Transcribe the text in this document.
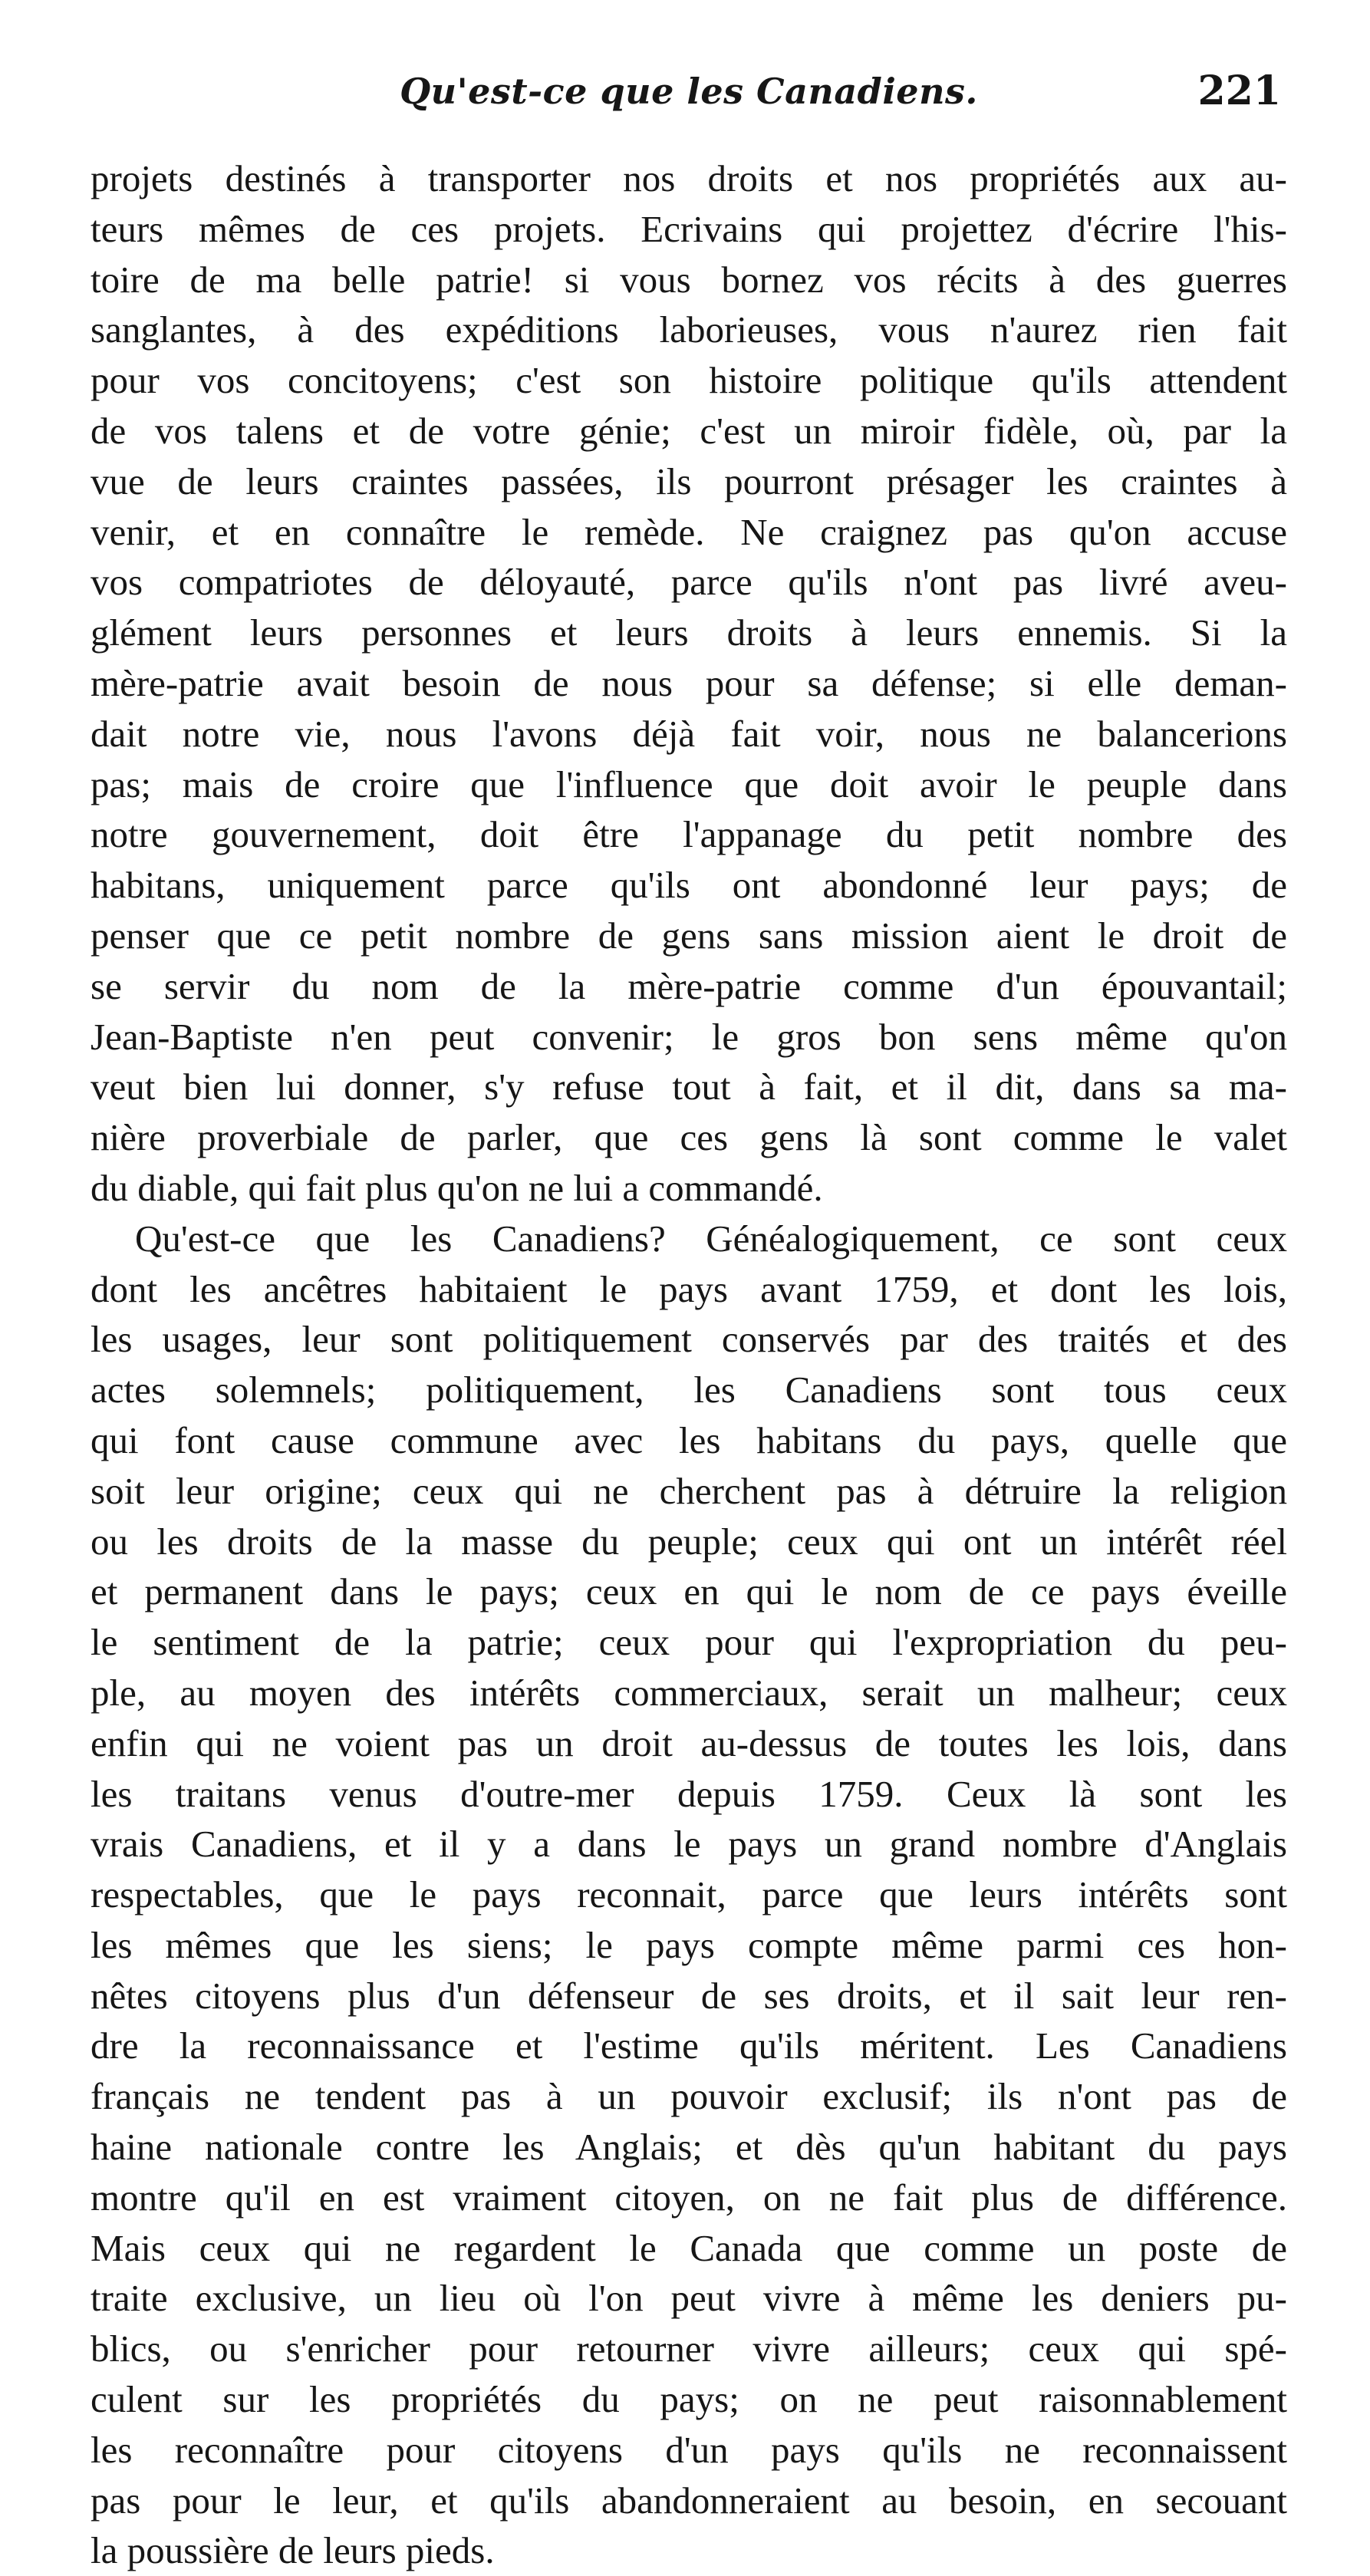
Qu'est-ce que les Canadiens.	221
projets destinés à transporter nos droits et nos propriétés aux au-
teurs mêmes de ces projets. Ecrivains qui projettez d'écrire l'his-
toire de ma belle patrie! si vous bornez vos récits à des guerres
sanglantes, à des expéditions laborieuses, vous n'aurez rien fait
pour vos concitoyens; c'est son histoire politique qu'ils attendent
de vos talens et de votre génie; c'est un miroir fidèle, où, par la
vue de leurs craintes passées, ils pourront présager les craintes à
venir, et en connaître le remède. Ne craignez pas qu'on accuse
vos compatriotes de déloyauté, parce qu'ils n'ont pas livré aveu-
glément leurs personnes et leurs droits à leurs ennemis. Si la
mère-patrie avait besoin de nous pour sa défense; si elle deman-
dait notre vie, nous l'avons déjà fait voir, nous ne balancerions
pas; mais de croire que l'influence que doit avoir le peuple dans
notre gouvernement, doit être l'appanage du petit nombre des
habitans, uniquement parce qu'ils ont abondonné leur pays; de
penser que ce petit nombre de gens sans mission aient le droit de
se servir du nom de la mère-patrie comme d'un épouvantail;
Jean-Baptiste n'en peut convenir; le gros bon sens même qu'on
veut bien lui donner, s'y refuse tout à fait, et il dit, dans sa ma-
nière proverbiale de parler, que ces gens là sont comme le valet
du diable, qui fait plus qu'on ne lui a commandé.
Qu'est-ce que les Canadiens? Généalogiquement, ce sont ceux
dont les ancêtres habitaient le pays avant 1759, et dont les lois,
les usages, leur sont politiquement conservés par des traités et des
actes solemnels; politiquement, les Canadiens sont tous ceux
qui font cause commune avec les habitans du pays, quelle que
soit leur origine; ceux qui ne cherchent pas à détruire la religion
ou les droits de la masse du peuple; ceux qui ont un intérêt réel
et permanent dans le pays; ceux en qui le nom de ce pays éveille
le sentiment de la patrie; ceux pour qui l'expropriation du peu-
ple, au moyen des intérêts commerciaux, serait un malheur; ceux
enfin qui ne voient pas un droit au-dessus de toutes les lois, dans
les traitans venus d'outre-mer depuis 1759. Ceux là sont les
vrais Canadiens, et il y a dans le pays un grand nombre d'Anglais
respectables, que le pays reconnait, parce que leurs intérêts sont
les mêmes que les siens; le pays compte même parmi ces hon-
nêtes citoyens plus d'un défenseur de ses droits, et il sait leur ren-
dre la reconnaissance et l'estime qu'ils méritent. Les Canadiens
français ne tendent pas à un pouvoir exclusif; ils n'ont pas de
haine nationale contre les Anglais; et dès qu'un habitant du pays
montre qu'il en est vraiment citoyen, on ne fait plus de différence.
Mais ceux qui ne regardent le Canada que comme un poste de
traite exclusive, un lieu où l'on peut vivre à même les deniers pu-
blics, ou s'enricher pour retourner vivre ailleurs; ceux qui spé-
culent sur les propriétés du pays; on ne peut raisonnablement
les reconnaître pour citoyens d'un pays qu'ils ne reconnaissent
pas pour le leur, et qu'ils abandonneraient au besoin, en secouant
la poussière de leurs pieds.
